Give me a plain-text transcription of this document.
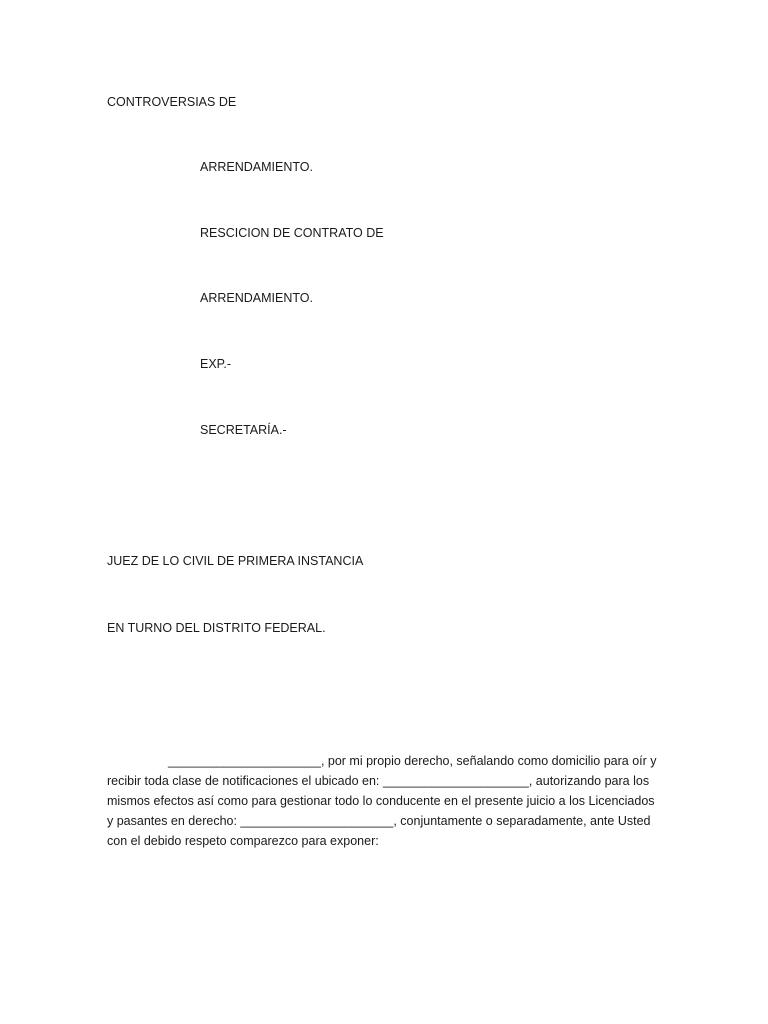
CONTROVERSIAS DE
ARRENDAMIENTO.
RESCICION DE CONTRATO DE
ARRENDAMIENTO.
EXP.-
SECRETARÍA.-
JUEZ DE LO CIVIL DE PRIMERA INSTANCIA
EN TURNO DEL DISTRITO FEDERAL.
______________________, por mi propio derecho, señalando como domicilio para oír y
recibir toda clase de notificaciones el ubicado en: _____________________, autorizando para los
mismos efectos así como para gestionar todo lo conducente en el presente juicio a los Licenciados
y pasantes en derecho: ______________________, conjuntamente o separadamente, ante Usted
con el debido respeto comparezco para exponer:
